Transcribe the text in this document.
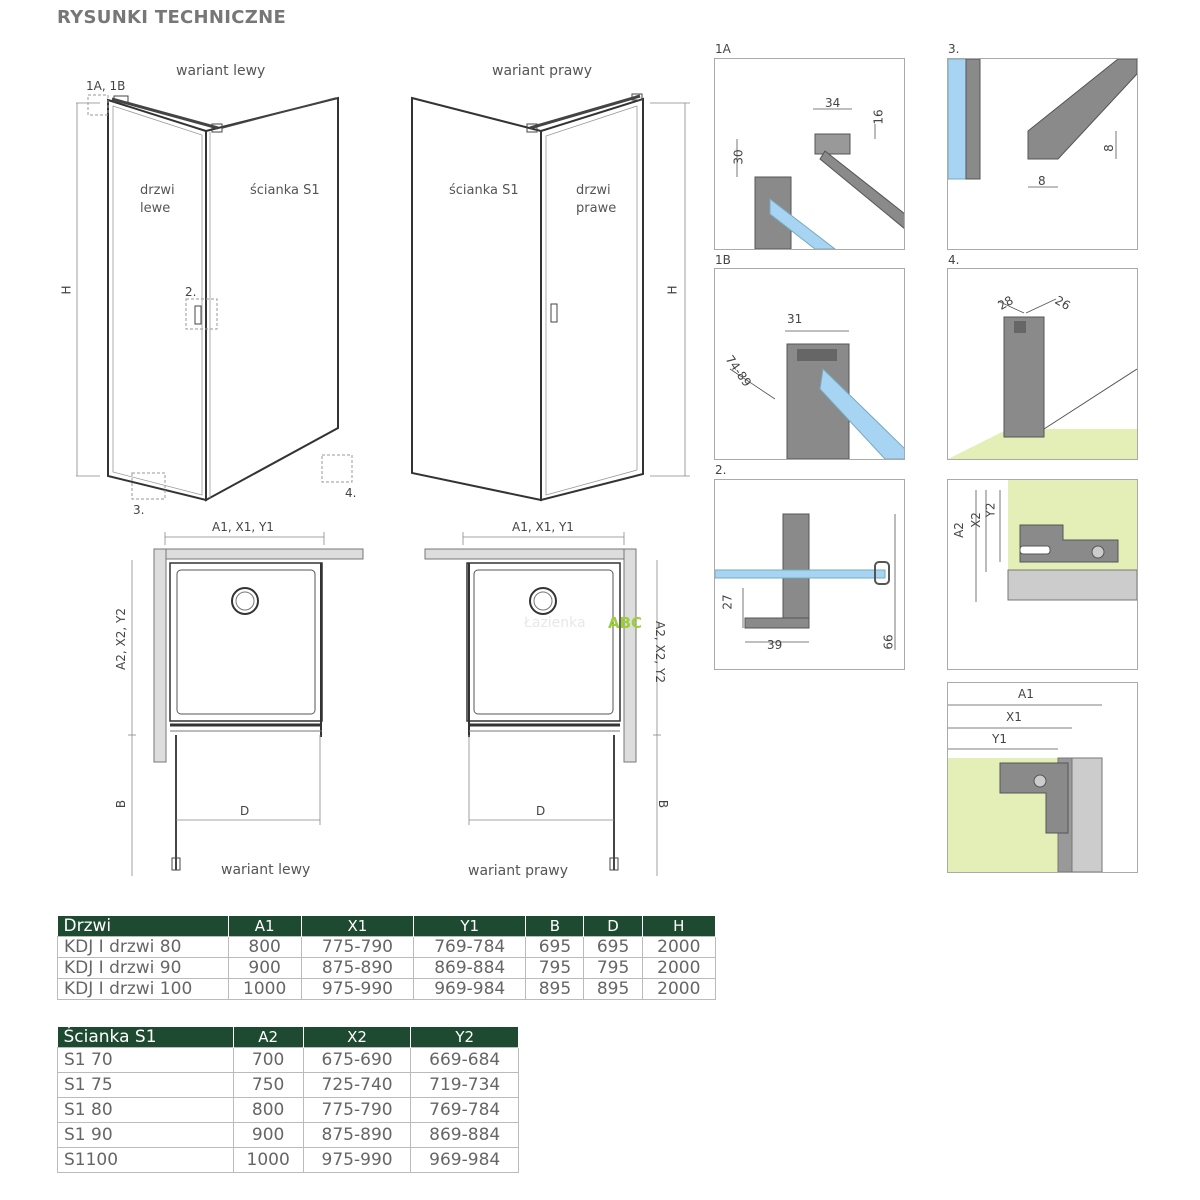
RYSUNKI TECHNICZNE
wariant lewy
1A, 1B
drzwi
lewe
ścianka S1
2.
3.
4.
H
wariant prawy
ścianka S1	drzwi
prawe
H
A1, X1, Y1
A2, X2, Y2
B	D
wariant lewy
A1, X1, Y1
A2, X2, Y2
B
D
wariant prawy
Łazienka ABC
1A
34
16
30
1B
31
74-89
2.
27
39	66
3.
8
8
4.
28	26
A2
X2
Y2
A1
X1
Y1
Drzwi	A1	X1	Y1	B	D	H
KDJ I drzwi 80	800	775-790	769-784	695	695	2000
KDJ I drzwi 90	900	875-890	869-884	795	795	2000
KDJ I drzwi 100	1000	975-990	969-984	895	895	2000
Ścianka S1	A2	X2	Y2
S1 70	700	675-690	669-684
S1 75	750	725-740	719-734
S1 80	800	775-790	769-784
S1 90	900	875-890	869-884
S1100	1000	975-990	969-984
